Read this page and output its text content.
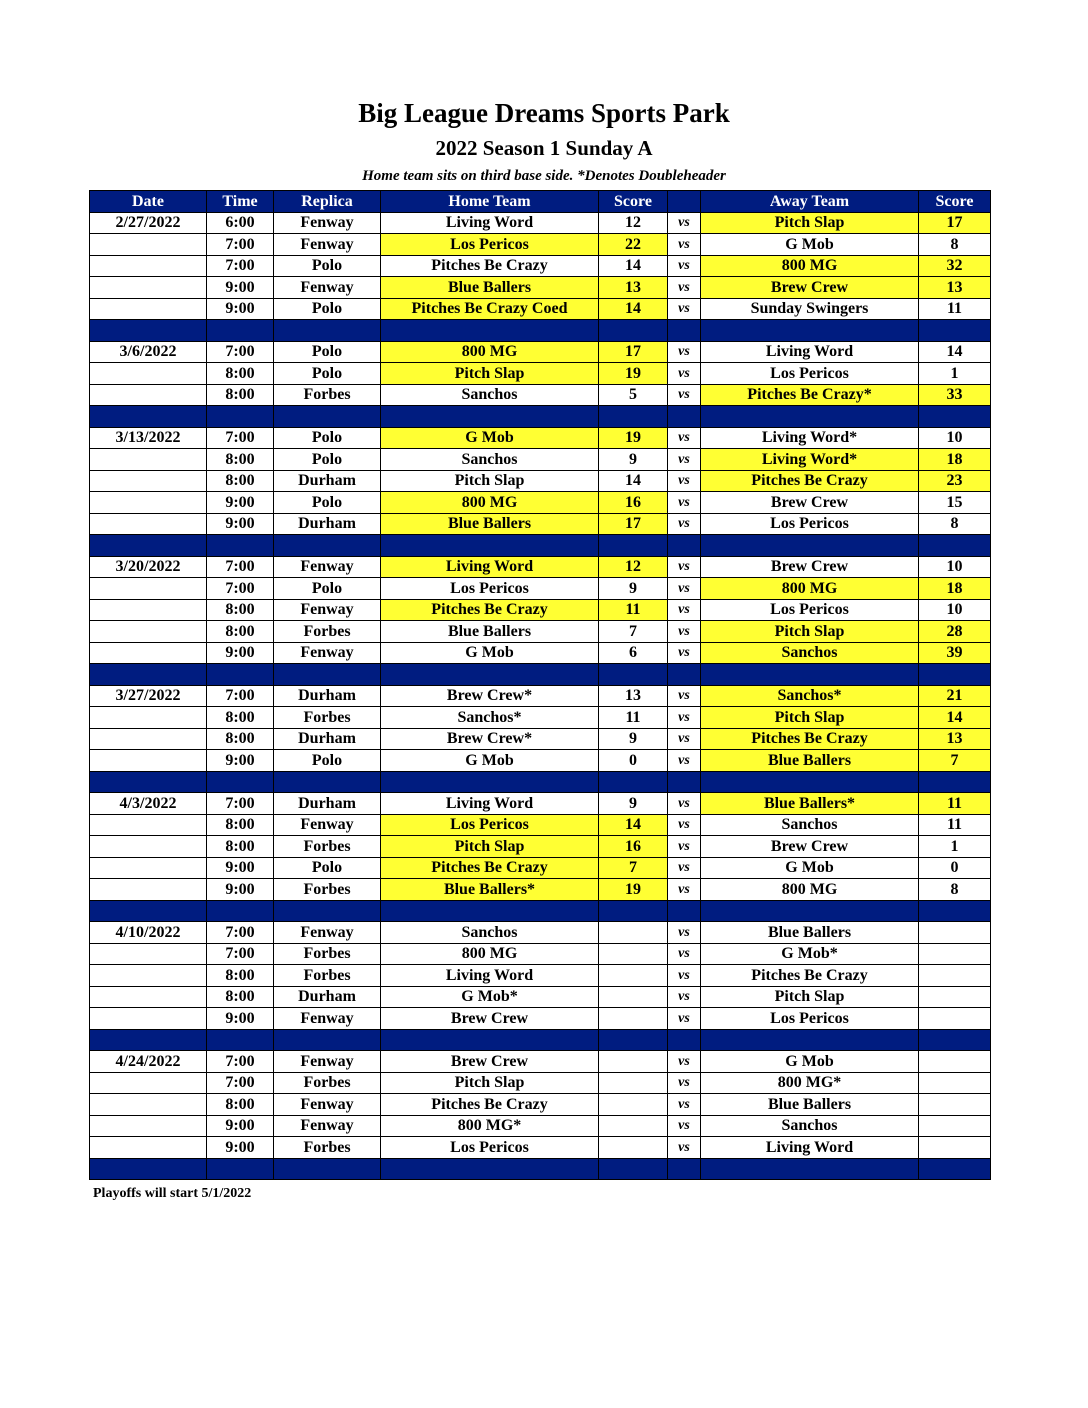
Big League Dreams Sports Park
2022 Season 1 Sunday A
Home team sits on third base side. *Denotes Doubleheader
Date	Time	Replica	Home Team	Score		Away Team	Score
2/27/2022	6:00	Fenway	Living Word	12	vs	Pitch Slap	17
	7:00	Fenway	Los Pericos	22	vs	G Mob	8
	7:00	Polo	Pitches Be Crazy	14	vs	800 MG	32
	9:00	Fenway	Blue Ballers	13	vs	Brew Crew	13
	9:00	Polo	Pitches Be Crazy Coed	14	vs	Sunday Swingers	11

3/6/2022	7:00	Polo	800 MG	17	vs	Living Word	14
	8:00	Polo	Pitch Slap	19	vs	Los Pericos	1
	8:00	Forbes	Sanchos	5	vs	Pitches Be Crazy*	33

3/13/2022	7:00	Polo	G Mob	19	vs	Living Word*	10
	8:00	Polo	Sanchos	9	vs	Living Word*	18
	8:00	Durham	Pitch Slap	14	vs	Pitches Be Crazy	23
	9:00	Polo	800 MG	16	vs	Brew Crew	15
	9:00	Durham	Blue Ballers	17	vs	Los Pericos	8

3/20/2022	7:00	Fenway	Living Word	12	vs	Brew Crew	10
	7:00	Polo	Los Pericos	9	vs	800 MG	18
	8:00	Fenway	Pitches Be Crazy	11	vs	Los Pericos	10
	8:00	Forbes	Blue Ballers	7	vs	Pitch Slap	28
	9:00	Fenway	G Mob	6	vs	Sanchos	39

3/27/2022	7:00	Durham	Brew Crew*	13	vs	Sanchos*	21
	8:00	Forbes	Sanchos*	11	vs	Pitch Slap	14
	8:00	Durham	Brew Crew*	9	vs	Pitches Be Crazy	13
	9:00	Polo	G Mob	0	vs	Blue Ballers	7

4/3/2022	7:00	Durham	Living Word	9	vs	Blue Ballers*	11
	8:00	Fenway	Los Pericos	14	vs	Sanchos	11
	8:00	Forbes	Pitch Slap	16	vs	Brew Crew	1
	9:00	Polo	Pitches Be Crazy	7	vs	G Mob	0
	9:00	Forbes	Blue Ballers*	19	vs	800 MG	8

4/10/2022	7:00	Fenway	Sanchos		vs	Blue Ballers	
	7:00	Forbes	800 MG		vs	G Mob*	
	8:00	Forbes	Living Word		vs	Pitches Be Crazy	
	8:00	Durham	G Mob*		vs	Pitch Slap	
	9:00	Fenway	Brew Crew		vs	Los Pericos	

4/24/2022	7:00	Fenway	Brew Crew		vs	G Mob	
	7:00	Forbes	Pitch Slap		vs	800 MG*	
	8:00	Fenway	Pitches Be Crazy		vs	Blue Ballers	
	9:00	Fenway	800 MG*		vs	Sanchos	
	9:00	Forbes	Los Pericos		vs	Living Word	

Playoffs will start 5/1/2022
